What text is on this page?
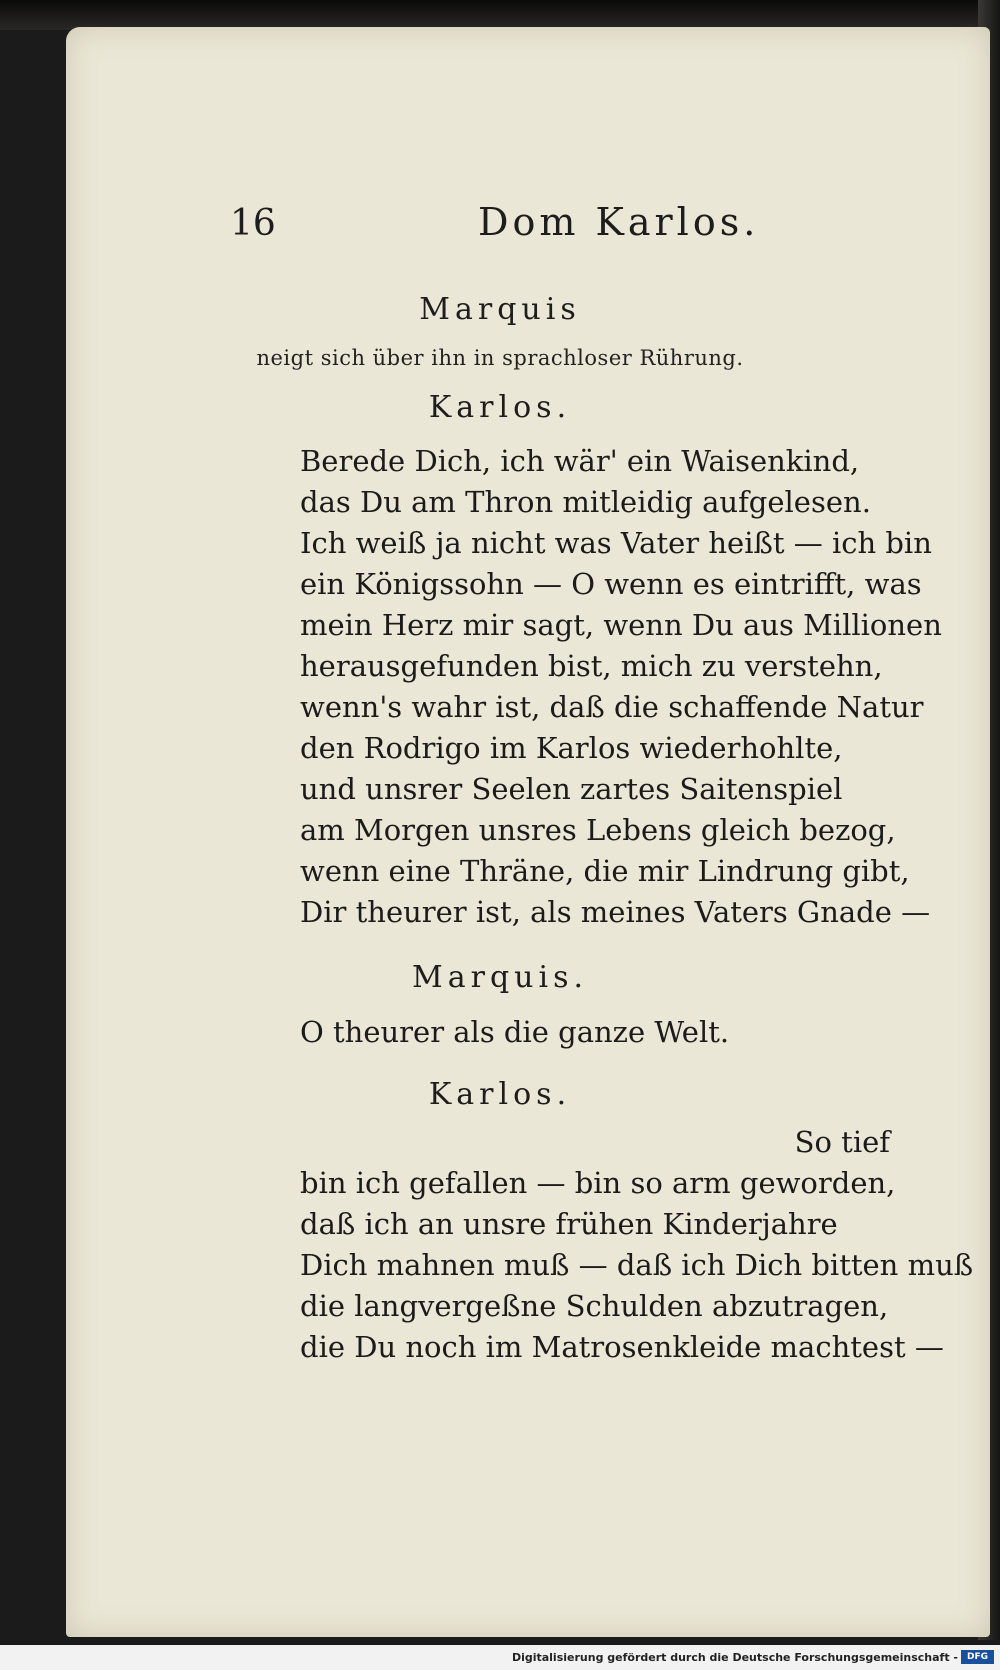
16	Dom Karlos.
Marquis
neigt sich über ihn in sprachloser Rührung.
Karlos.
Berede Dich, ich wär' ein Waisenkind,
das Du am Thron mitleidig aufgelesen.
Ich weiß ja nicht was Vater heißt — ich bin
ein Königssohn — O wenn es eintrifft, was
mein Herz mir sagt, wenn Du aus Millionen
herausgefunden bist, mich zu verstehn,
wenn's wahr ist, daß die schaffende Natur
den Rodrigo im Karlos wiederhohlte,
und unsrer Seelen zartes Saitenspiel
am Morgen unsres Lebens gleich bezog,
wenn eine Thräne, die mir Lindrung gibt,
Dir theurer ist, als meines Vaters Gnade —
Marquis.
O theurer als die ganze Welt.
Karlos.
So tief
bin ich gefallen — bin so arm geworden,
daß ich an unsre frühen Kinderjahre
Dich mahnen muß — daß ich Dich bitten muß
die langvergeßne Schulden abzutragen,
die Du noch im Matrosenkleide machtest —
Digitalisierung gefördert durch die Deutsche Forschungsgemeinschaft - DFG
